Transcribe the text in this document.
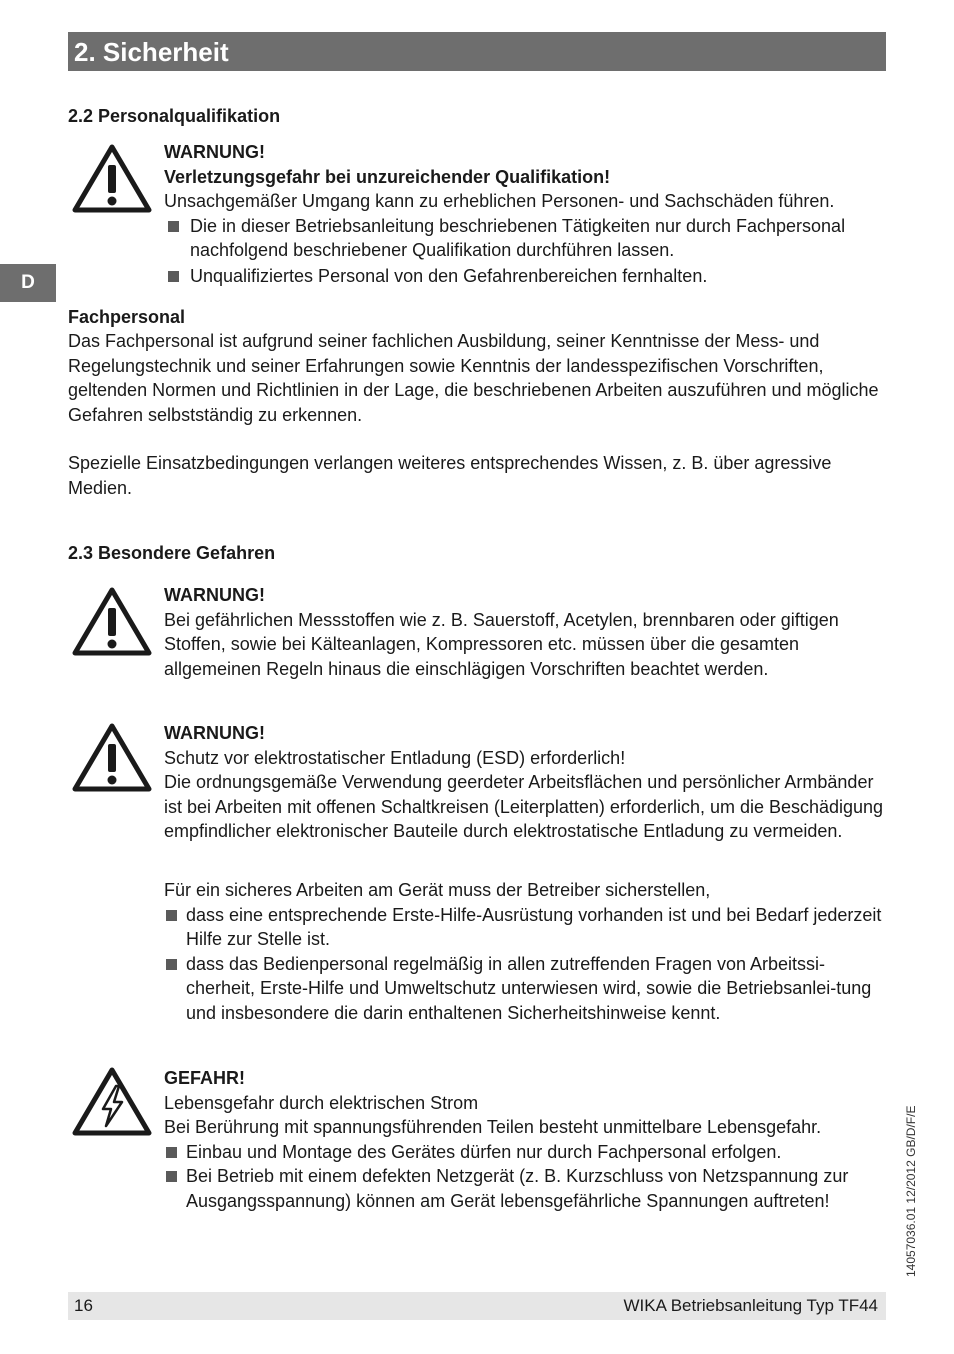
2. Sicherheit
D
2.2 Personalqualifikation
WARNUNG!
Verletzungsgefahr bei unzureichender Qualifikation!
Unsachgemäßer Umgang kann zu erheblichen Personen- und Sachschäden führen.
Die in dieser Betriebsanleitung beschriebenen Tätigkeiten nur durch Fachpersonal nachfolgend beschriebener Qualifikation durchführen lassen.
Unqualifiziertes Personal von den Gefahrenbereichen fernhalten.
Fachpersonal
Das Fachpersonal ist aufgrund seiner fachlichen Ausbildung, seiner Kenntnisse der Mess- und Regelungstechnik und seiner Erfahrungen sowie Kenntnis der landesspezifischen Vorschriften, geltenden Normen und Richtlinien in der Lage, die beschriebenen Arbeiten auszuführen und mögliche Gefahren selbstständig zu erkennen.
Spezielle Einsatzbedingungen verlangen weiteres entsprechendes Wissen, z. B. über agressive Medien.
2.3 Besondere Gefahren
WARNUNG!
Bei gefährlichen Messstoffen wie z. B. Sauerstoff, Acetylen, brennbaren oder giftigen Stoffen, sowie bei Kälteanlagen, Kompressoren etc. müssen über die gesamten allgemeinen Regeln hinaus die einschlägigen Vorschriften beachtet werden.
WARNUNG!
Schutz vor elektrostatischer Entladung (ESD) erforderlich!
Die ordnungsgemäße Verwendung geerdeter Arbeitsflächen und persönlicher Armbänder ist bei Arbeiten mit offenen Schaltkreisen (Leiterplatten) erforderlich, um die Beschädigung empfindlicher elektronischer Bauteile durch elektrostatische Entladung zu vermeiden.
Für ein sicheres Arbeiten am Gerät muss der Betreiber sicherstellen,
dass eine entsprechende Erste-Hilfe-Ausrüstung vorhanden ist und bei Bedarf jederzeit Hilfe zur Stelle ist.
dass das Bedienpersonal regelmäßig in allen zutreffenden Fragen von Arbeitssi-cherheit, Erste-Hilfe und Umweltschutz unterwiesen wird, sowie die Betriebsanlei-tung und insbesondere die darin enthaltenen Sicherheitshinweise kennt.
GEFAHR!
Lebensgefahr durch elektrischen Strom
Bei Berührung mit spannungsführenden Teilen besteht unmittelbare Lebensgefahr.
Einbau und Montage des Gerätes dürfen nur durch Fachpersonal erfolgen.
Bei Betrieb mit einem defekten Netzgerät (z. B. Kurzschluss von Netzspannung zur Ausgangsspannung) können am Gerät lebensgefährliche Spannungen auftreten!	14057036.01 12/2012 GB/D/F/E
16	WIKA Betriebsanleitung Typ TF44
